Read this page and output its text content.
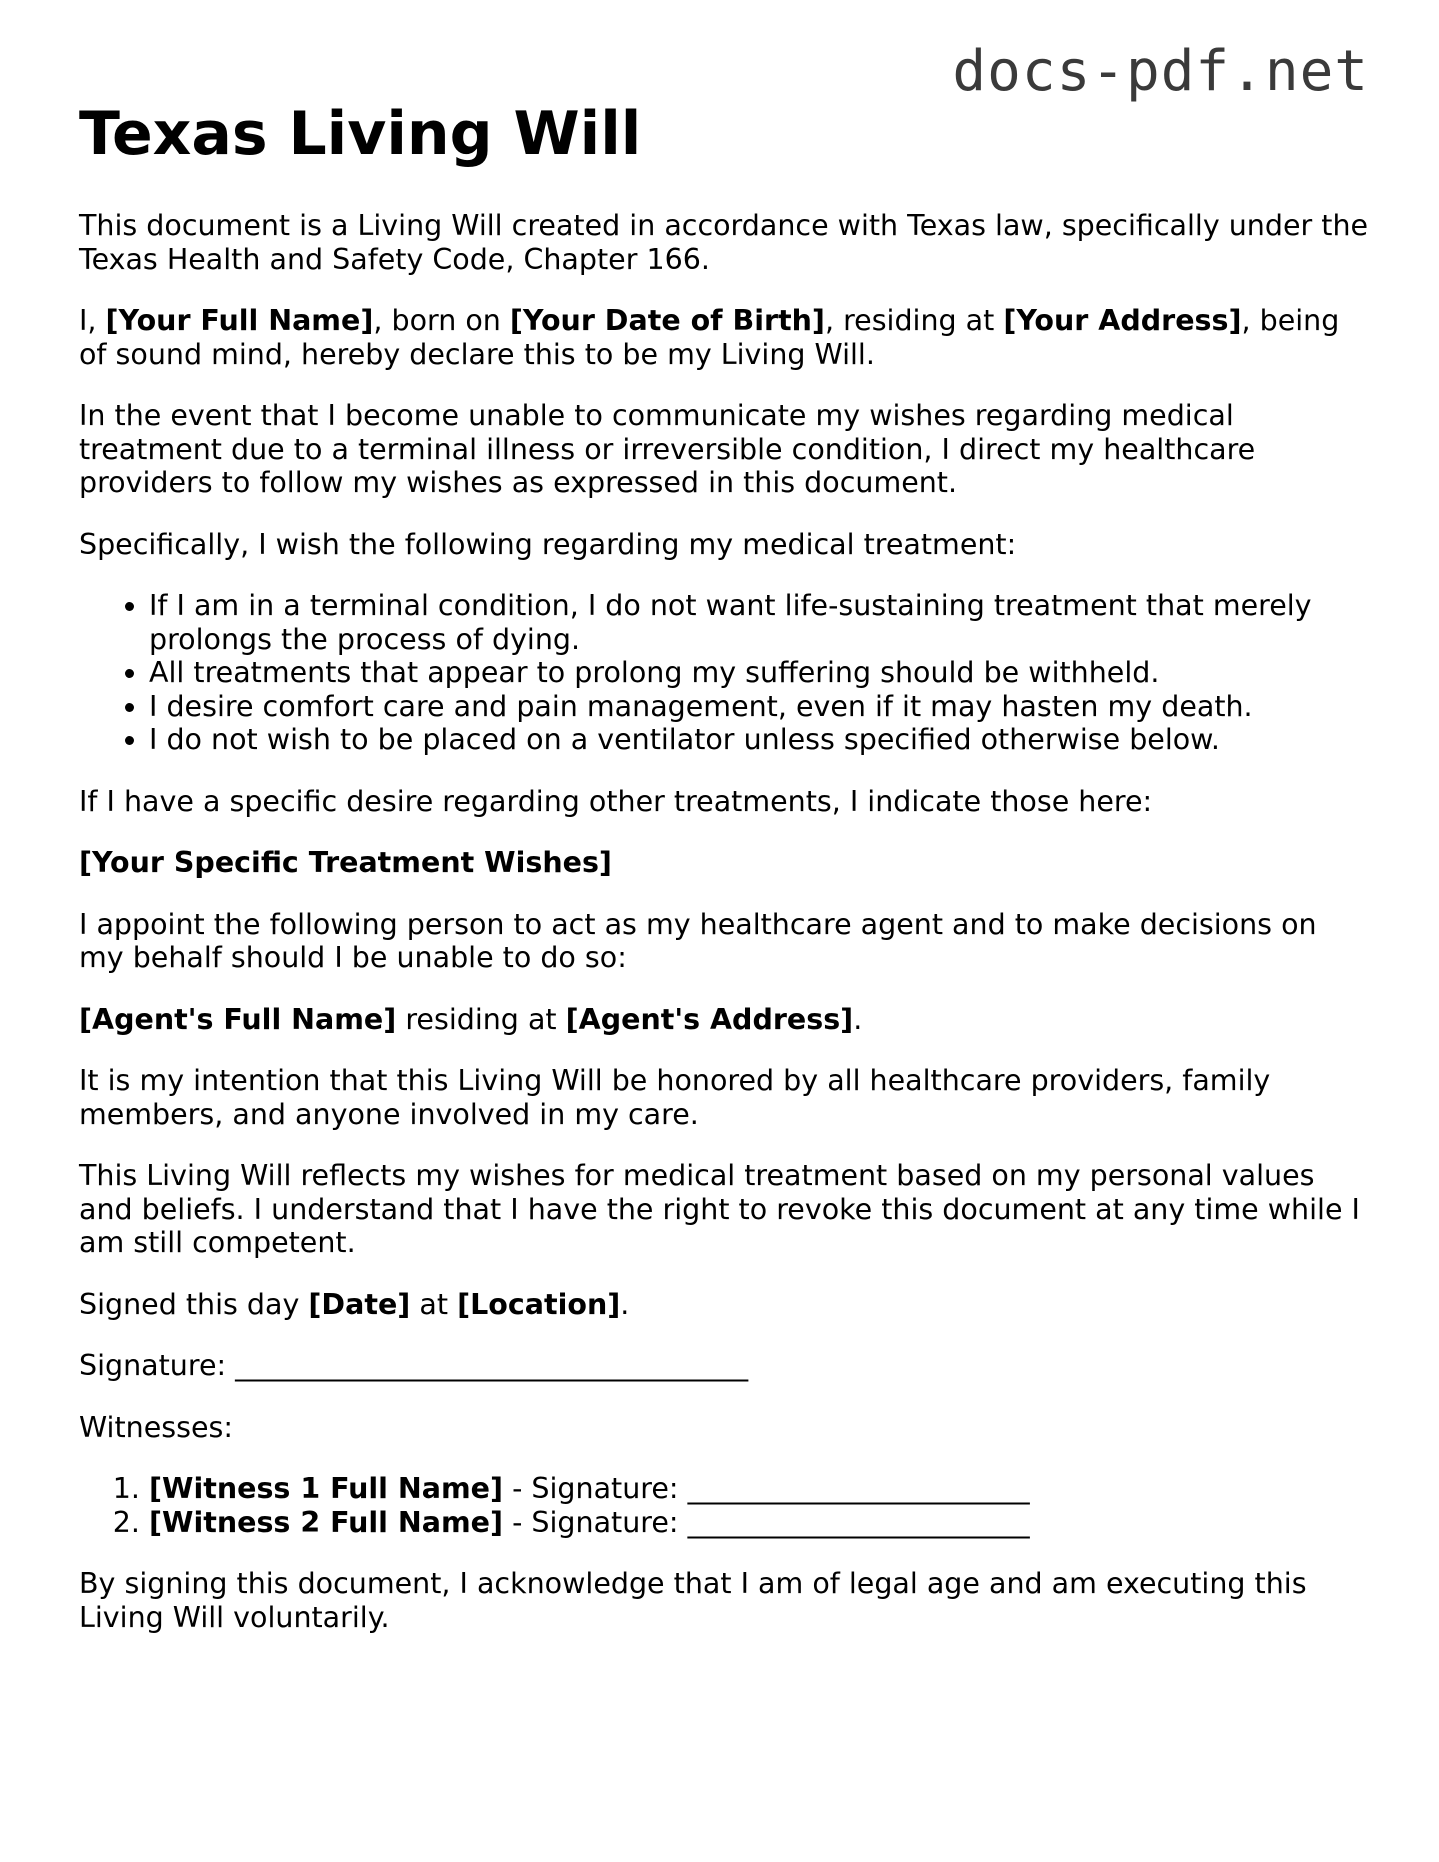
docs-pdf.net
Texas Living Will

This document is a Living Will created in accordance with Texas law, specifically under the Texas Health and Safety Code, Chapter 166.

I, [Your Full Name], born on [Your Date of Birth], residing at [Your Address], being of sound mind, hereby declare this to be my Living Will.

In the event that I become unable to communicate my wishes regarding medical treatment due to a terminal illness or irreversible condition, I direct my healthcare providers to follow my wishes as expressed in this document.

Specifically, I wish the following regarding my medical treatment:

• If I am in a terminal condition, I do not want life-sustaining treatment that merely prolongs the process of dying.
• All treatments that appear to prolong my suffering should be withheld.
• I desire comfort care and pain management, even if it may hasten my death.
• I do not wish to be placed on a ventilator unless specified otherwise below.

If I have a specific desire regarding other treatments, I indicate those here:

[Your Specific Treatment Wishes]

I appoint the following person to act as my healthcare agent and to make decisions on my behalf should I be unable to do so:

[Agent's Full Name] residing at [Agent's Address].

It is my intention that this Living Will be honored by all healthcare providers, family members, and anyone involved in my care.

This Living Will reflects my wishes for medical treatment based on my personal values and beliefs. I understand that I have the right to revoke this document at any time while I am still competent.

Signed this day [Date] at [Location].

Signature: ____________________________________

Witnesses:

1. [Witness 1 Full Name] - Signature: ________________________
2. [Witness 2 Full Name] - Signature: ________________________

By signing this document, I acknowledge that I am of legal age and am executing this Living Will voluntarily.
